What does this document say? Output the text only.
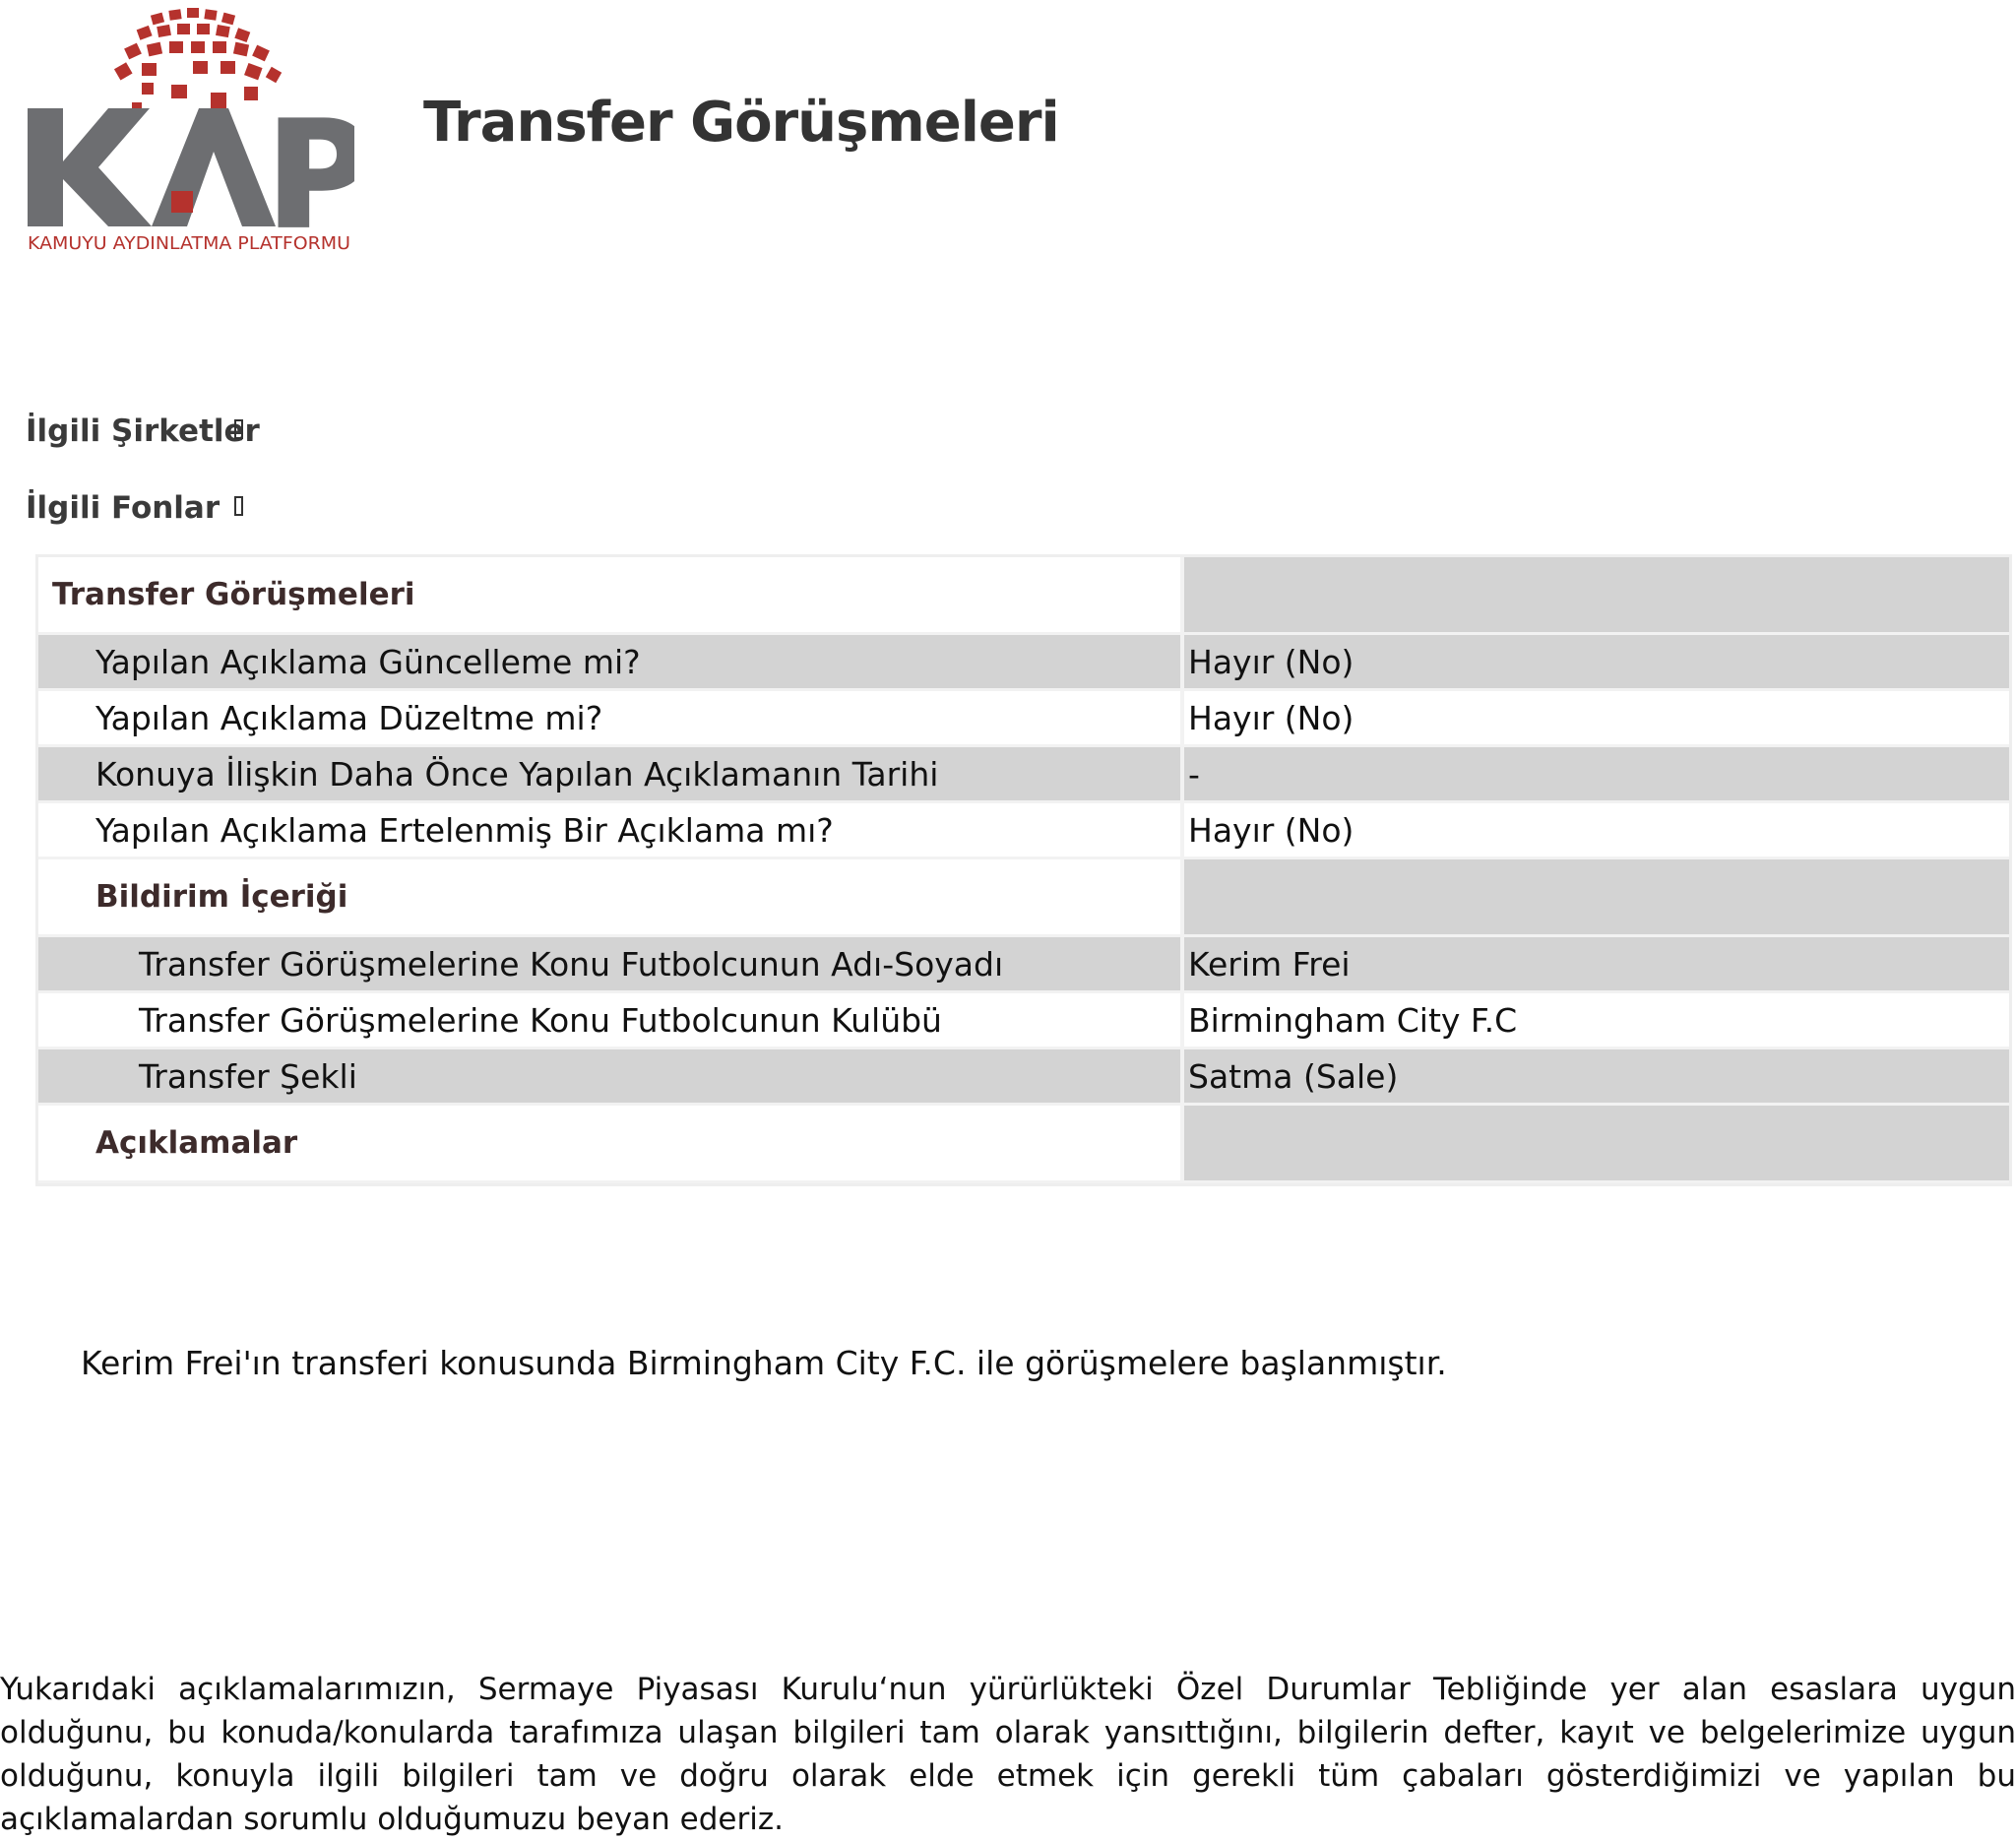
KAMUYU AYDINLATMA PLATFORMU
Transfer Görüşmeleri
İlgili Şirketler
İlgili Fonlar
Transfer Görüşmeleri	
Yapılan Açıklama Güncelleme mi?	Hayır (No)
Yapılan Açıklama Düzeltme mi?	Hayır (No)
Konuya İlişkin Daha Önce Yapılan Açıklamanın Tarihi	-
Yapılan Açıklama Ertelenmiş Bir Açıklama mı?	Hayır (No)
Bildirim İçeriği	
Transfer Görüşmelerine Konu Futbolcunun Adı-Soyadı	Kerim Frei
Transfer Görüşmelerine Konu Futbolcunun Kulübü	Birmingham City F.C
Transfer Şekli	Satma (Sale)
Açıklamalar	
Kerim Frei'ın transferi konusunda Birmingham City F.C. ile görüşmelere başlanmıştır.

Yukarıdaki açıklamalarımızın, Sermaye Piyasası Kurulu‘nun yürürlükteki Özel Durumlar Tebliğinde yer alan esaslara uygun olduğunu, bu konuda/konularda tarafımıza ulaşan bilgileri tam olarak yansıttığını, bilgilerin defter, kayıt ve belgelerimize uygun olduğunu, konuyla ilgili bilgileri tam ve doğru olarak elde etmek için gerekli tüm çabaları gösterdiğimizi ve yapılan bu açıklamalardan sorumlu olduğumuzu beyan ederiz.
